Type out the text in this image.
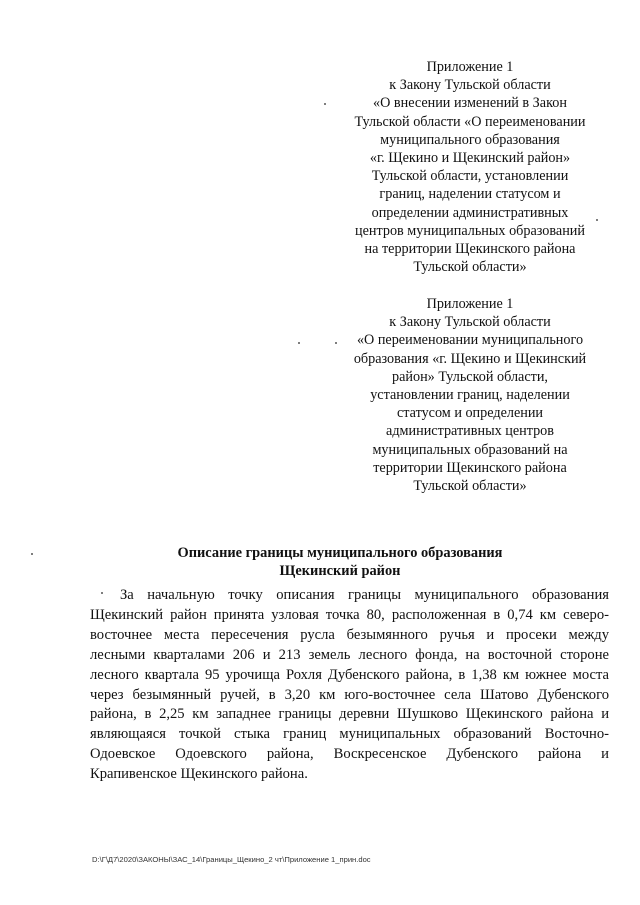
Приложение 1
к Закону Тульской области
«О внесении изменений в Закон
Тульской области «О переименовании
муниципального образования
«г. Щекино и Щекинский район»
Тульской области, установлении
границ, наделении статусом и
определении административных
центров муниципальных образований
на территории Щекинского района
Тульской области»
Приложение 1
к Закону Тульской области
«О переименовании муниципального
образования «г. Щекино и Щекинский
район» Тульской области,
установлении границ, наделении
статусом и определении
административных центров
муниципальных образований на
территории Щекинского района
Тульской области»
Описание границы муниципального образования
Щекинский район
За начальную точку описания границы муниципального образования
Щекинский район принята узловая точка 80, расположенная в 0,74 км северо-
восточнее места пересечения русла безымянного ручья и просеки между
лесными кварталами 206 и 213 земель лесного фонда, на восточной стороне
лесного квартала 95 урочища Рохля Дубенского района, в 1,38 км южнее моста
через безымянный ручей, в 3,20 км юго-восточнее села Шатово Дубенского
района, в 2,25 км западнее границы деревни Шушково Щекинского района и
являющаяся точкой стыка границ муниципальных образований Восточно-
Одоевское Одоевского района, Воскресенское Дубенского района и
Крапивенское Щекинского района.
D:\Г\Д7\2020\ЗАКОНЫ\ЗАС_14\Границы_Щекино_2 чт\Приложение 1_прин.doc
